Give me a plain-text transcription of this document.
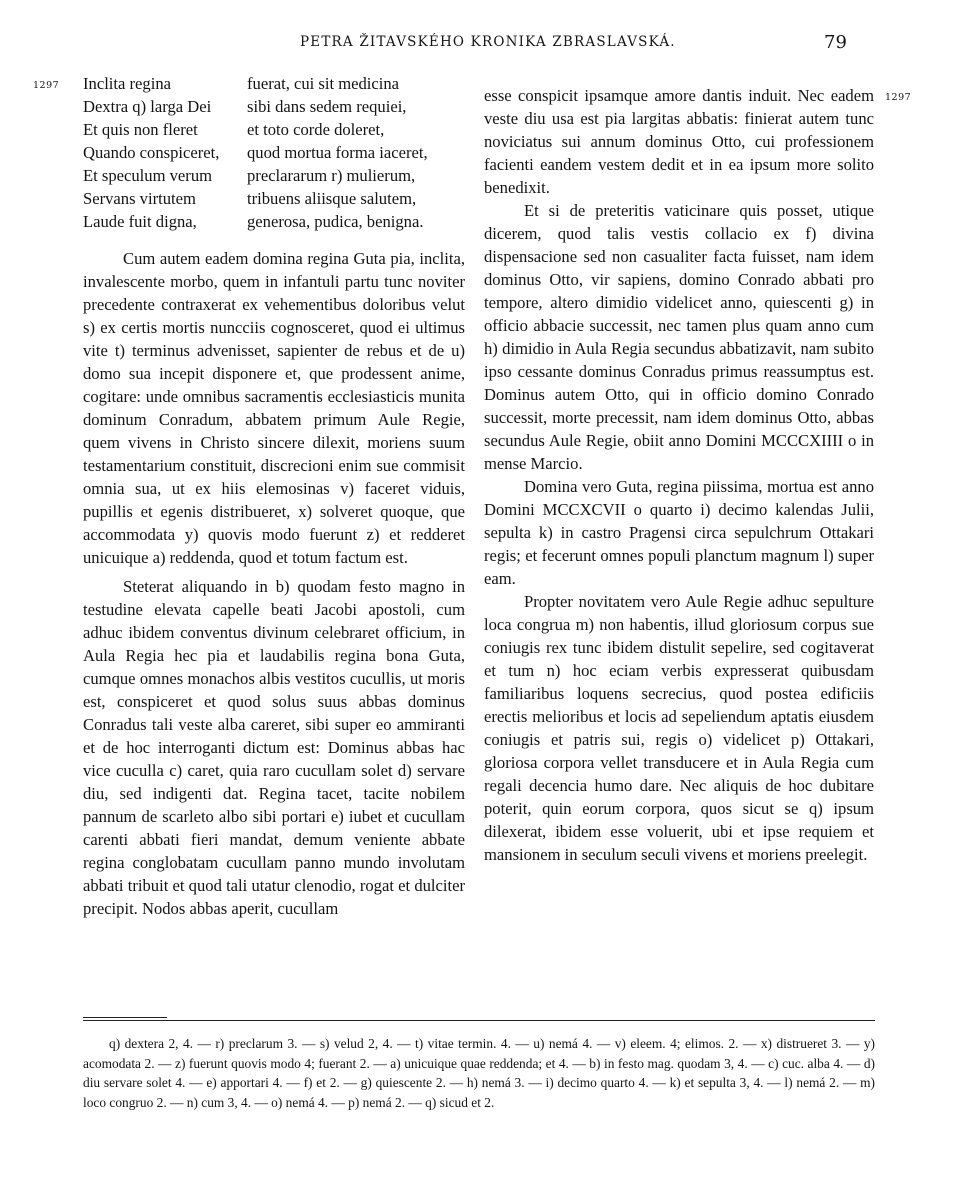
PETRA ŽITAVSKÉHO KRONIKA ZBRASLAVSKÁ.	79
1297
1297
Inclita regina	fuerat, cui sit medicina
Dextra q) larga Dei	sibi dans sedem requiei,
Et quis non fleret	et toto corde doleret,
Quando conspiceret,	quod mortua forma iaceret,
Et speculum verum	preclararum r) mulierum,
Servans virtutem	tribuens aliisque salutem,
Laude fuit digna,	generosa, pudica, benigna.

Cum autem eadem domina regina Guta pia, inclita, invalescente morbo, quem in infantuli partu tunc noviter precedente contraxerat ex vehementibus doloribus velut s) ex certis mortis nuncciis cognosceret, quod ei ultimus vite t) terminus advenisset, sapienter de rebus et de u) domo sua incepit disponere et, que prodessent anime, cogitare: unde omnibus sacramentis ecclesiasticis munita dominum Conradum, abbatem primum Aule Regie, quem vivens in Christo sincere dilexit, moriens suum testamentarium constituit, discrecioni enim sue commisit omnia sua, ut ex hiis elemosinas v) faceret viduis, pupillis et egenis distribueret, x) solveret quoque, que accommodata y) quovis modo fuerunt z) et redderet unicuique a) reddenda, quod et totum factum est.

Steterat aliquando in b) quodam festo magno in testudine elevata capelle beati Jacobi apostoli, cum adhuc ibidem conventus divinum celebraret officium, in Aula Regia hec pia et laudabilis regina bona Guta, cumque omnes monachos albis vestitos cucullis, ut moris est, conspiceret et quod solus suus abbas dominus Conradus tali veste alba careret, sibi super eo ammiranti et de hoc interroganti dictum est: Dominus abbas hac vice cuculla c) caret, quia raro cucullam solet d) servare diu, sed indigenti dat. Regina tacet, tacite nobilem pannum de scarleto albo sibi portari e) iubet et cucullam carenti abbati fieri mandat, demum veniente abbate regina conglobatam cucullam panno mundo involutam abbati tribuit et quod tali utatur clenodio, rogat et dulciter precipit. Nodos abbas aperit, cucullam

esse conspicit ipsamque amore dantis induit. Nec eadem veste diu usa est pia largitas abbatis: finierat autem tunc noviciatus sui annum dominus Otto, cui professionem facienti eandem vestem dedit et in ea ipsum more solito benedixit.

Et si de preteritis vaticinare quis posset, utique dicerem, quod talis vestis collacio ex f) divina dispensacione sed non casualiter facta fuisset, nam idem dominus Otto, vir sapiens, domino Conrado abbati pro tempore, altero dimidio videlicet anno, quiescenti g) in officio abbacie successit, nec tamen plus quam anno cum h) dimidio in Aula Regia secundus abbatizavit, nam subito ipso cessante dominus Conradus primus reassumptus est. Dominus autem Otto, qui in officio domino Conrado successit, morte precessit, nam idem dominus Otto, abbas secundus Aule Regie, obiit anno Domini MCCCXIIII o in mense Marcio.

Domina vero Guta, regina piissima, mortua est anno Domini MCCXCVII o quarto i) decimo kalendas Julii, sepulta k) in castro Pragensi circa sepulchrum Ottakari regis; et fecerunt omnes populi planctum magnum l) super eam.

Propter novitatem vero Aule Regie adhuc sepulture loca congrua m) non habentis, illud gloriosum corpus sue coniugis rex tunc ibidem distulit sepelire, sed cogitaverat et tum n) hoc eciam verbis expresserat quibusdam familiaribus loquens secrecius, quod postea edificiis erectis melioribus et locis ad sepeliendum aptatis eiusdem coniugis et patris sui, regis o) videlicet p) Ottakari, gloriosa corpora vellet transducere et in Aula Regia cum regali decencia humo dare. Nec aliquis de hoc dubitare poterit, quin eorum corpora, quos sicut se q) ipsum dilexerat, ibidem esse voluerit, ubi et ipse requiem et mansionem in seculum seculi vivens et moriens preelegit.

q) dextera 2, 4. — r) preclarum 3. — s) velud 2, 4. — t) vitae termin. 4. — u) nemá 4. — v) eleem. 4; elimos. 2. — x) distrueret 3. — y) acomodata 2. — z) fuerunt quovis modo 4; fuerant 2. — a) unicuique quae reddenda; et 4. — b) in festo mag. quodam 3, 4. — c) cuc. alba 4. — d) diu servare solet 4. — e) apportari 4. — f) et 2. — g) quiescente 2. — h) nemá 3. — i) decimo quarto 4. — k) et sepulta 3, 4. — l) nemá 2. — m) loco congruo 2. — n) cum 3, 4. — o) nemá 4. — p) nemá 2. — q) sicud et 2.
